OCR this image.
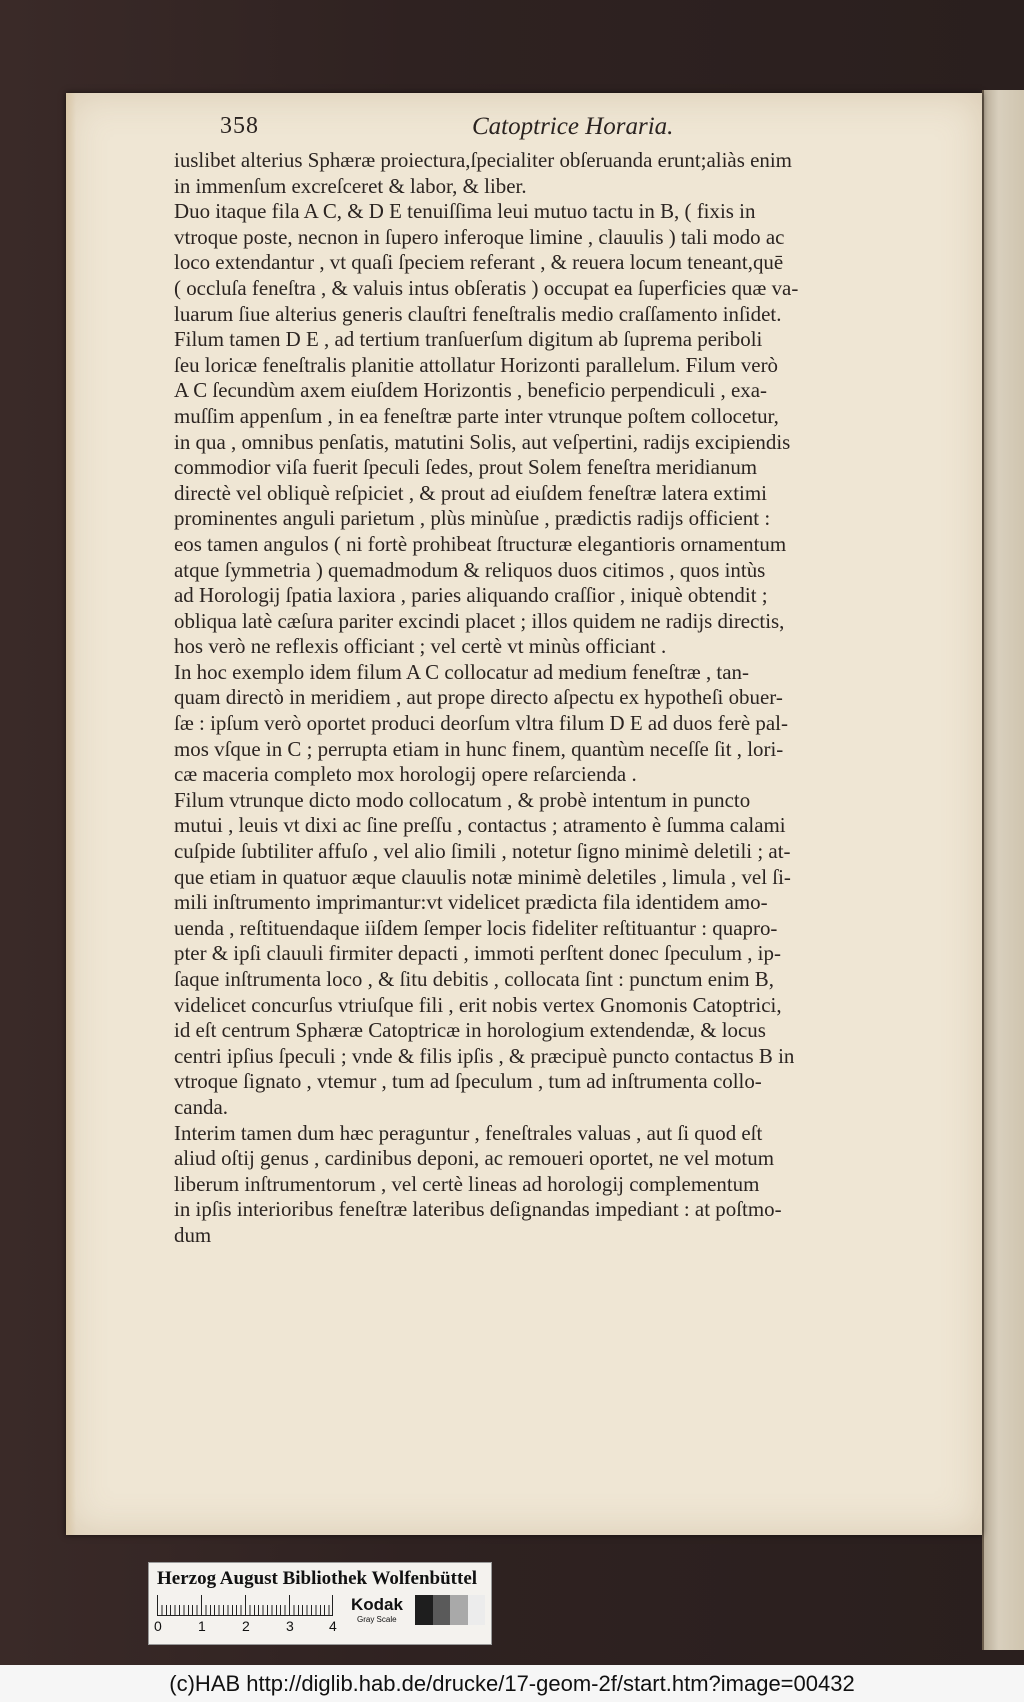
358	Catoptrice Horaria.
iuslibet alterius Sphæræ proiectura,ſpecialiter obſeruanda erunt;aliàs enim
in immenſum excreſceret & labor, & liber.
Duo itaque fila A C, & D E tenuiſſima leui mutuo tactu in B, ( fixis in
vtroque poste, necnon in ſupero inferoque limine , clauulis ) tali modo ac
loco extendantur , vt quaſi ſpeciem referant , & reuera locum teneant,quē
( occluſa feneſtra , & valuis intus obſeratis ) occupat ea ſuperficies quæ va-
luarum ſiue alterius generis clauſtri feneſtralis medio craſſamento inſidet.
Filum tamen D E , ad tertium tranſuerſum digitum ab ſuprema periboli
ſeu loricæ feneſtralis planitie attollatur Horizonti parallelum. Filum verò
A C ſecundùm axem eiuſdem Horizontis , beneficio perpendiculi , exa-
muſſim appenſum , in ea feneſtræ parte inter vtrunque poſtem collocetur,
in qua , omnibus penſatis, matutini Solis, aut veſpertini, radijs excipiendis
commodior viſa fuerit ſpeculi ſedes, prout Solem feneſtra meridianum
directè vel obliquè reſpiciet , & prout ad eiuſdem feneſtræ latera extimi
prominentes anguli parietum , plùs minùſue , prædictis radijs officient :
eos tamen angulos ( ni fortè prohibeat ſtructuræ elegantioris ornamentum
atque ſymmetria ) quemadmodum & reliquos duos citimos , quos intùs
ad Horologij ſpatia laxiora , paries aliquando craſſior , iniquè obtendit ;
obliqua latè cæſura pariter excindi placet ; illos quidem ne radijs directis,
hos verò ne reflexis officiant ; vel certè vt minùs officiant .
In hoc exemplo idem filum A C collocatur ad medium feneſtræ , tan-
quam directò in meridiem , aut prope directo aſpectu ex hypotheſi obuer-
ſæ : ipſum verò oportet produci deorſum vltra filum D E ad duos ferè pal-
mos vſque in C ; perrupta etiam in hunc finem, quantùm neceſſe ſit , lori-
cæ maceria completo mox horologij opere reſarcienda .
Filum vtrunque dicto modo collocatum , & probè intentum in puncto
mutui , leuis vt dixi ac ſine preſſu , contactus ; atramento è ſumma calami
cuſpide ſubtiliter affuſo , vel alio ſimili , notetur ſigno minimè deletili ; at-
que etiam in quatuor æque clauulis notæ minimè deletiles , limula , vel ſi-
mili inſtrumento imprimantur:vt videlicet prædicta fila identidem amo-
uenda , reſtituendaque iiſdem ſemper locis fideliter reſtituantur : quapro-
pter & ipſi clauuli firmiter depacti , immoti perſtent donec ſpeculum , ip-
ſaque inſtrumenta loco , & ſitu debitis , collocata ſint : punctum enim B,
videlicet concurſus vtriuſque fili , erit nobis vertex Gnomonis Catoptrici,
id eſt centrum Sphæræ Catoptricæ in horologium extendendæ, & locus
centri ipſius ſpeculi ; vnde & filis ipſis , & præcipuè puncto contactus B in
vtroque ſignato , vtemur , tum ad ſpeculum , tum ad inſtrumenta collo-
canda.
Interim tamen dum hæc peraguntur , feneſtrales valuas , aut ſi quod eſt
aliud oſtij genus , cardinibus deponi, ac remoueri oportet, ne vel motum
liberum inſtrumentorum , vel certè lineas ad horologij complementum
in ipſis interioribus feneſtræ lateribus deſignandas impediant : at poſtmo-
dum
Herzog August Bibliothek Wolfenbüttel
0	1	2	3	4
Kodak
Gray Scale
(c)HAB http://diglib.hab.de/drucke/17-geom-2f/start.htm?image=00432
